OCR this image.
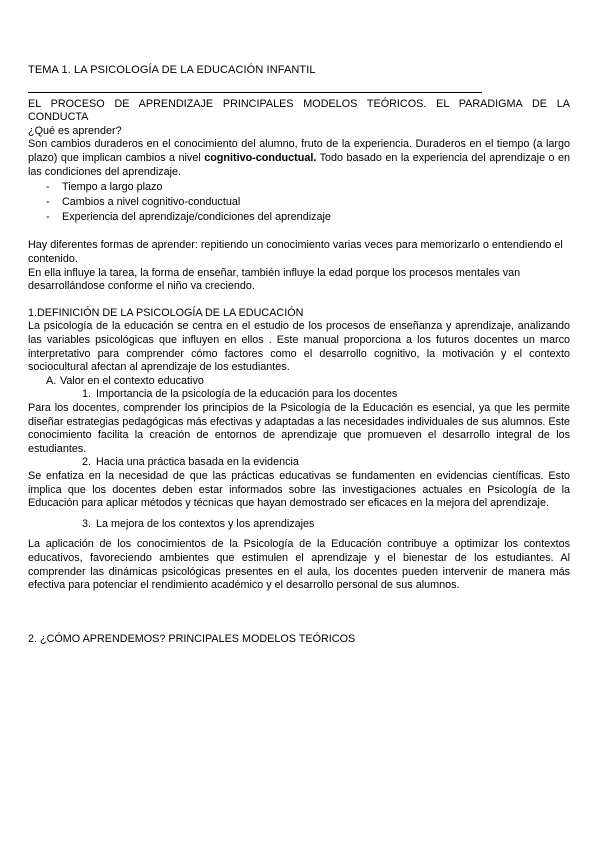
TEMA 1. LA PSICOLOGÍA DE LA EDUCACIÓN INFANTIL

EL PROCESO DE APRENDIZAJE PRINCIPALES MODELOS TEÓRICOS. EL PARADIGMA DE LA CONDUCTA

¿Qué es aprender?

Son cambios duraderos en el conocimiento del alumno, fruto de la experiencia. Duraderos en el tiempo (a largo plazo) que implican cambios a nivel cognitivo-conductual. Todo basado en la experiencia del aprendizaje o en las condiciones del aprendizaje.

- Tiempo a largo plazo
- Cambios a nivel cognitivo-conductual
- Experiencia del aprendizaje/condiciones del aprendizaje

Hay diferentes formas de aprender: repitiendo un conocimiento varias veces para memorizarlo o entendiendo el contenido.

En ella influye la tarea, la forma de enseñar, también influye la edad porque los procesos mentales van desarrollándose conforme el niño va creciendo.

1.DEFINICIÓN DE LA PSICOLOGÍA DE LA EDUCACIÓN

La psicología de la educación se centra en el estudio de los procesos de enseñanza y aprendizaje, analizando las variables psicológicas que influyen en ellos . Este manual proporciona a los futuros docentes un marco interpretativo para comprender cómo factores como el desarrollo cognitivo, la motivación y el contexto sociocultural afectan al aprendizaje de los estudiantes.

A. Valor en el contexto educativo

1. Importancia de la psicología de la educación para los docentes

Para los docentes, comprender los principios de la Psicología de la Educación es esencial, ya que les permite diseñar estrategias pedagógicas más efectivas y adaptadas a las necesidades individuales de sus alumnos. Este conocimiento facilita la creación de entornos de aprendizaje que promueven el desarrollo integral de los estudiantes.

2. Hacia una práctica basada en la evidencia

Se enfatiza en la necesidad de que las prácticas educativas se fundamenten en evidencias científicas. Esto implica que los docentes deben estar informados sobre las investigaciones actuales en Psicología de la Educación para aplicar métodos y técnicas que hayan demostrado ser eficaces en la mejora del aprendizaje.

3. La mejora de los contextos y los aprendizajes

La aplicación de los conocimientos de la Psicología de la Educación contribuye a optimizar los contextos educativos, favoreciendo ambientes que estimulen el aprendizaje y el bienestar de los estudiantes. Al comprender las dinámicas psicológicas presentes en el aula, los docentes pueden intervenir de manera más efectiva para potenciar el rendimiento académico y el desarrollo personal de sus alumnos.

2. ¿CÓMO APRENDEMOS? PRINCIPALES MODELOS TEÓRICOS
